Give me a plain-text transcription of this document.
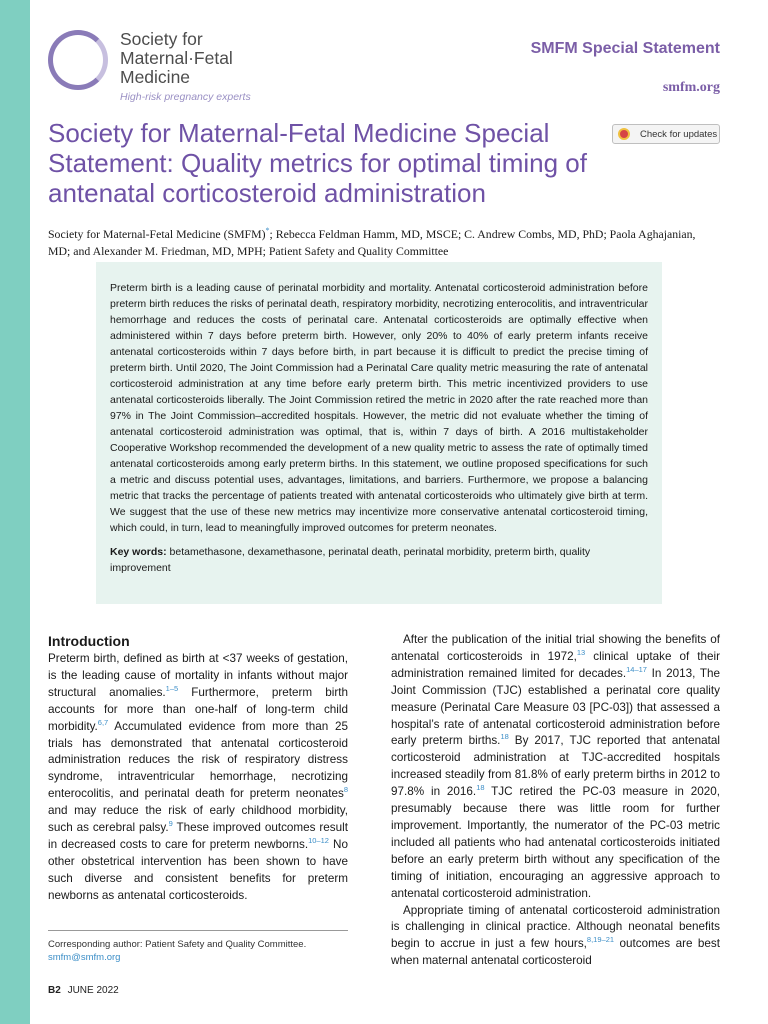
Society for
Maternal·Fetal
Medicine
High-risk pregnancy experts
SMFM Special Statement
smfm.org
Society for Maternal-Fetal Medicine Special Statement: Quality metrics for optimal timing of antenatal corticosteroid administration
Check for updates
Society for Maternal-Fetal Medicine (SMFM)*; Rebecca Feldman Hamm, MD, MSCE; C. Andrew Combs, MD, PhD; Paola Aghajanian, MD; and Alexander M. Friedman, MD, MPH; Patient Safety and Quality Committee

Preterm birth is a leading cause of perinatal morbidity and mortality. Antenatal corticosteroid administration before preterm birth reduces the risks of perinatal death, respiratory morbidity, necrotizing enterocolitis, and intraventricular hemorrhage and reduces the costs of perinatal care. Antenatal corticosteroids are optimally effective when administered within 7 days before preterm birth. However, only 20% to 40% of early preterm infants receive antenatal corticosteroids within 7 days before birth, in part because it is difficult to predict the precise timing of preterm birth. Until 2020, The Joint Commission had a Perinatal Care quality metric measuring the rate of antenatal corticosteroid administration at any time before early preterm birth. This metric incentivized providers to use antenatal corticosteroids liberally. The Joint Commission retired the metric in 2020 after the rate reached more than 97% in The Joint Commission–accredited hospitals. However, the metric did not evaluate whether the timing of antenatal corticosteroid administration was optimal, that is, within 7 days of birth. A 2016 multistakeholder Cooperative Workshop recommended the development of a new quality metric to assess the rate of optimally timed antenatal corticosteroids among early preterm births. In this statement, we outline proposed specifications for such a metric and discuss potential uses, advantages, limitations, and barriers. Furthermore, we propose a balancing metric that tracks the percentage of patients treated with antenatal corticosteroids who ultimately give birth at term. We suggest that the use of these new metrics may incentivize more conservative antenatal corticosteroid timing, which could, in turn, lead to meaningfully improved outcomes for preterm neonates.

Key words: betamethasone, dexamethasone, perinatal death, perinatal morbidity, preterm birth, quality improvement

Introduction

Preterm birth, defined as birth at <37 weeks of gestation, is the leading cause of mortality in infants without major structural anomalies.$^{1-5}$ Furthermore, preterm birth accounts for more than one-half of long-term child morbidity.$^{6,7}$ Accumulated evidence from more than 25 trials has demonstrated that antenatal corticosteroid administration reduces the risk of respiratory distress syndrome, intraventricular hemorrhage, necrotizing enterocolitis, and perinatal death for preterm neonates$^8$ and may reduce the risk of early childhood morbidity, such as cerebral palsy.$^9$ These improved outcomes result in decreased costs to care for preterm newborns.$^{10-12}$ No other obstetrical intervention has been shown to have such diverse and consistent benefits for preterm newborns as antenatal corticosteroids.

After the publication of the initial trial showing the benefits of antenatal corticosteroids in 1972,13 clinical uptake of their administration remained limited for decades.$^{14-17}$ In 2013, The Joint Commission (TJC) established a perinatal core quality measure (Perinatal Care Measure 03 [PC-03]) that assessed a hospital’s rate of antenatal corticosteroid administration before early preterm births.$^{18}$ By 2017, TJC reported that antenatal corticosteroid administration at TJC-accredited hospitals increased steadily from 81.8% of early preterm births in 2012 to 97.8% in 2016.18 TJC retired the PC-03 measure in 2020, presumably because there was little room for further improvement. Importantly, the numerator of the PC-03 metric included all patients who had antenatal corticosteroids initiated before an early preterm birth without any specification of the timing of initiation, encouraging an aggressive approach to antenatal corticosteroid administration.

Appropriate timing of antenatal corticosteroid administration is challenging in clinical practice. Although neonatal benefits begin to accrue in just a few hours,$^{8,19-21}$ outcomes are best when maternal antenatal corticosteroid

Corresponding author: Patient Safety and Quality Committee. smfm@smfm.org
B2 JUNE 2022
